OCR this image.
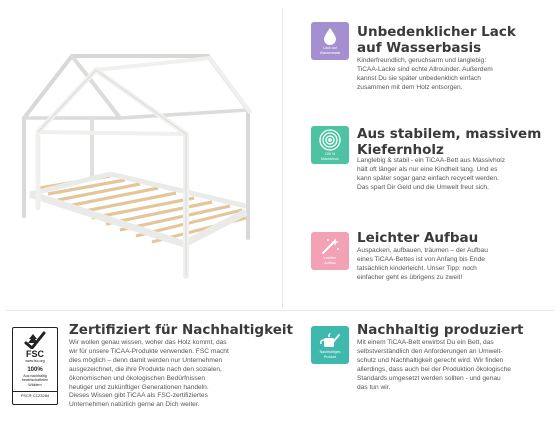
Lack auf
Wasserbasis
Unbedenklicher Lack
auf Wasserbasis
Kinderfreundlich, geruchsarm und langlebig:
TiCAA-Lacke sind echte Allrounder. Außerdem
kannst Du sie später unbedenklich einfach
zusammen mit dem Holz entsorgen.
100 %
Massivholz
Aus stabilem, massivem
Kiefernholz
Langlebig & stabil - ein TiCAA-Bett aus Massivholz
hält oft länger als nur eine Kindheit lang. Und es
kann später sogar ganz einfach recycelt werden.
Das spart Dir Geld und die Umwelt freut sich.
Leichter
Aufbau
Leichter Aufbau
Auspacken, aufbauen, träumen – der Aufbau
eines TiCAA-Bettes ist von Anfang bis Ende
tatsächlich kinderleicht. Unser Tipp: noch
einfacher geht es übrigens zu zweit!
Nachhaltiges
Produkt
Nachhaltig produziert
Mit einem TiCAA-Bett erwirbst Du ein Bett, das
selbstverständlich den Anforderungen an Umwelt-
schutz und Nachhaltigkeit gerecht wird. Wir finden
allerdings, dass auch bei der Produktion ökologische
Standards umgesetzt werden sollten - und genau
das tun wir.
FSC
www.fsc.org
100%
Aus nachhaltig
bewirtschafteten
Wäldern
FSC® C123284
Zertifiziert für Nachhaltigkeit
Wir wollen genau wissen, woher das Holz kommt, das
wir für unsere TiCAA-Produkte verwenden. FSC macht
dies möglich – denn damit werden nur Unternehmen
ausgezeichnet, die ihre Produkte nach den sozialen,
ökonomischen und ökologischen Bedürfnissen
heutiger und zukünftiger Generationen handeln.
Dieses Wissen gibt TiCAA als FSC-zertifiziertes
Unternehmen natürlich gerne an Dich weiter.
